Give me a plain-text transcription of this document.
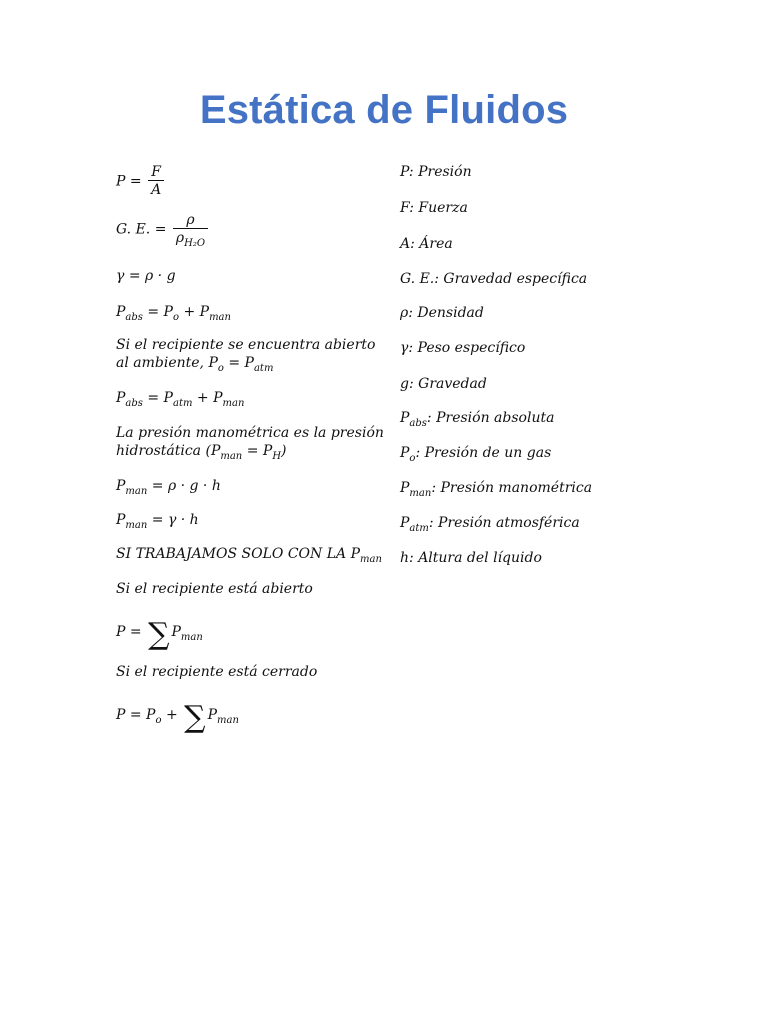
Estática de Fluidos
$P = \frac{F}{A}$
G. E. = $\frac{\rho}{\rho_{H_2O}}$
γ = ρ · g
$P_{abs} = P_o + P_{man}$
Si el recipiente se encuentra abierto al ambiente, $P_o = P_{atm}$
$P_{abs} = P_{atm} + P_{man}$
La presión manométrica es la presión hidrostática $(P_{man} = P_H)$
$P_{man} = \rho \cdot g \cdot h$
$P_{man} = \gamma \cdot h$
SI TRABAJAMOS SOLO CON LA $P_{man}$
Si el recipiente está abierto
P = ∑ $P_{man}$
Si el recipiente está cerrado
$P = P_o$ + ∑ $P_{man}$
P: Presión
F: Fuerza
A: Área
G. E.: Gravedad específica
ρ: Densidad
γ: Peso específico
g: Gravedad
$P_{abs}$: Presión absoluta
$P_o$: Presión de un gas
$P_{man}$: Presión manométrica
$P_{atm}$: Presión atmosférica
h: Altura del líquido
